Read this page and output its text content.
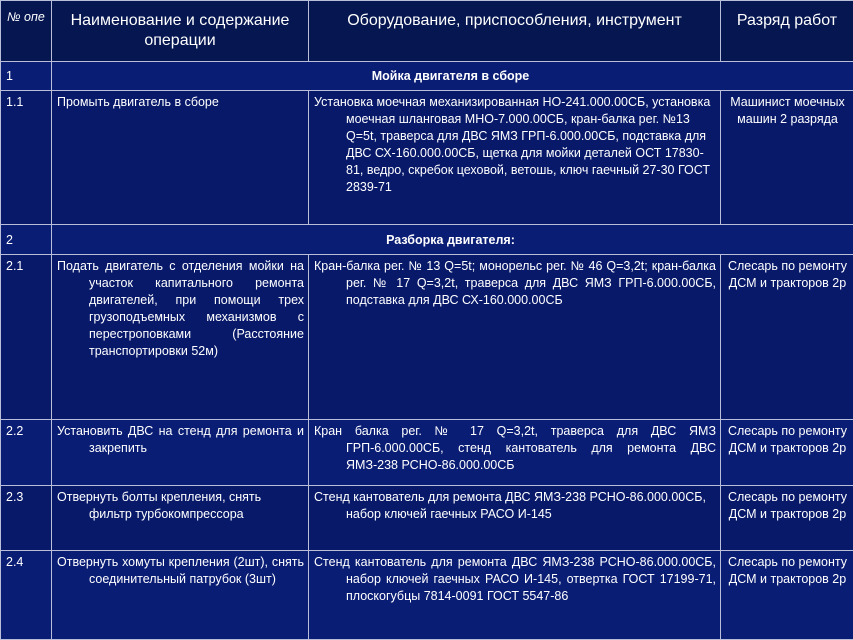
№ опе	Наименование и содержание операции	Оборудование, приспособления, инструмент	Разряд работ
1	Мойка двигателя в сборе		
1.1	Промыть двигатель в сборе	Установка моечная механизированная НО-241.000.00СБ, установка моечная шланговая МНО-7.000.00СБ, кран-балка рег. №13 Q=5t, траверса для ДВС ЯМЗ ГРП-6.000.00СБ, подставка для ДВС СХ-160.000.00СБ, щетка для мойки деталей ОСТ 17830-81, ведро, скребок цеховой, ветошь, ключ гаечный 27-30 ГОСТ 2839-71	Машинист моечных машин 2 разряда
2	Разборка двигателя:		
2.1	Подать двигатель с отделения мойки на участок капитального ремонта двигателей, при помощи трех грузоподъемных механизмов с перестроповками (Расстояние транспортировки 52м)	Кран-балка рег. № 13 Q=5t; монорельс рег. № 46 Q=3,2t; кран-балка рег. № 17 Q=3,2t, траверса для ДВС ЯМЗ ГРП-6.000.00СБ, подставка для ДВС СХ-160.000.00СБ	Слесарь по ремонту ДСМ и тракторов 2р
2.2	Установить ДВС на стенд для ремонта и закрепить	Кран балка рег. № 17 Q=3,2t, траверса для ДВС ЯМЗ ГРП-6.000.00СБ, стенд кантователь для ремонта ДВС ЯМЗ-238 РСНО-86.000.00СБ	Слесарь по ремонту ДСМ и тракторов 2р
2.3	Отвернуть болты крепления, снять фильтр турбокомпрессора	Стенд кантователь для ремонта ДВС ЯМЗ-238 РСНО-86.000.00СБ, набор ключей гаечных РАСО И-145	Слесарь по ремонту ДСМ и тракторов 2р
2.4	Отвернуть хомуты крепления (2шт), снять соединительный патрубок (3шт)	Стенд кантователь для ремонта ДВС ЯМЗ-238 РСНО-86.000.00СБ, набор ключей гаечных РАСО И-145, отвертка ГОСТ 17199-71, плоскогубцы 7814-0091 ГОСТ 5547-86	Слесарь по ремонту ДСМ и тракторов 2р
